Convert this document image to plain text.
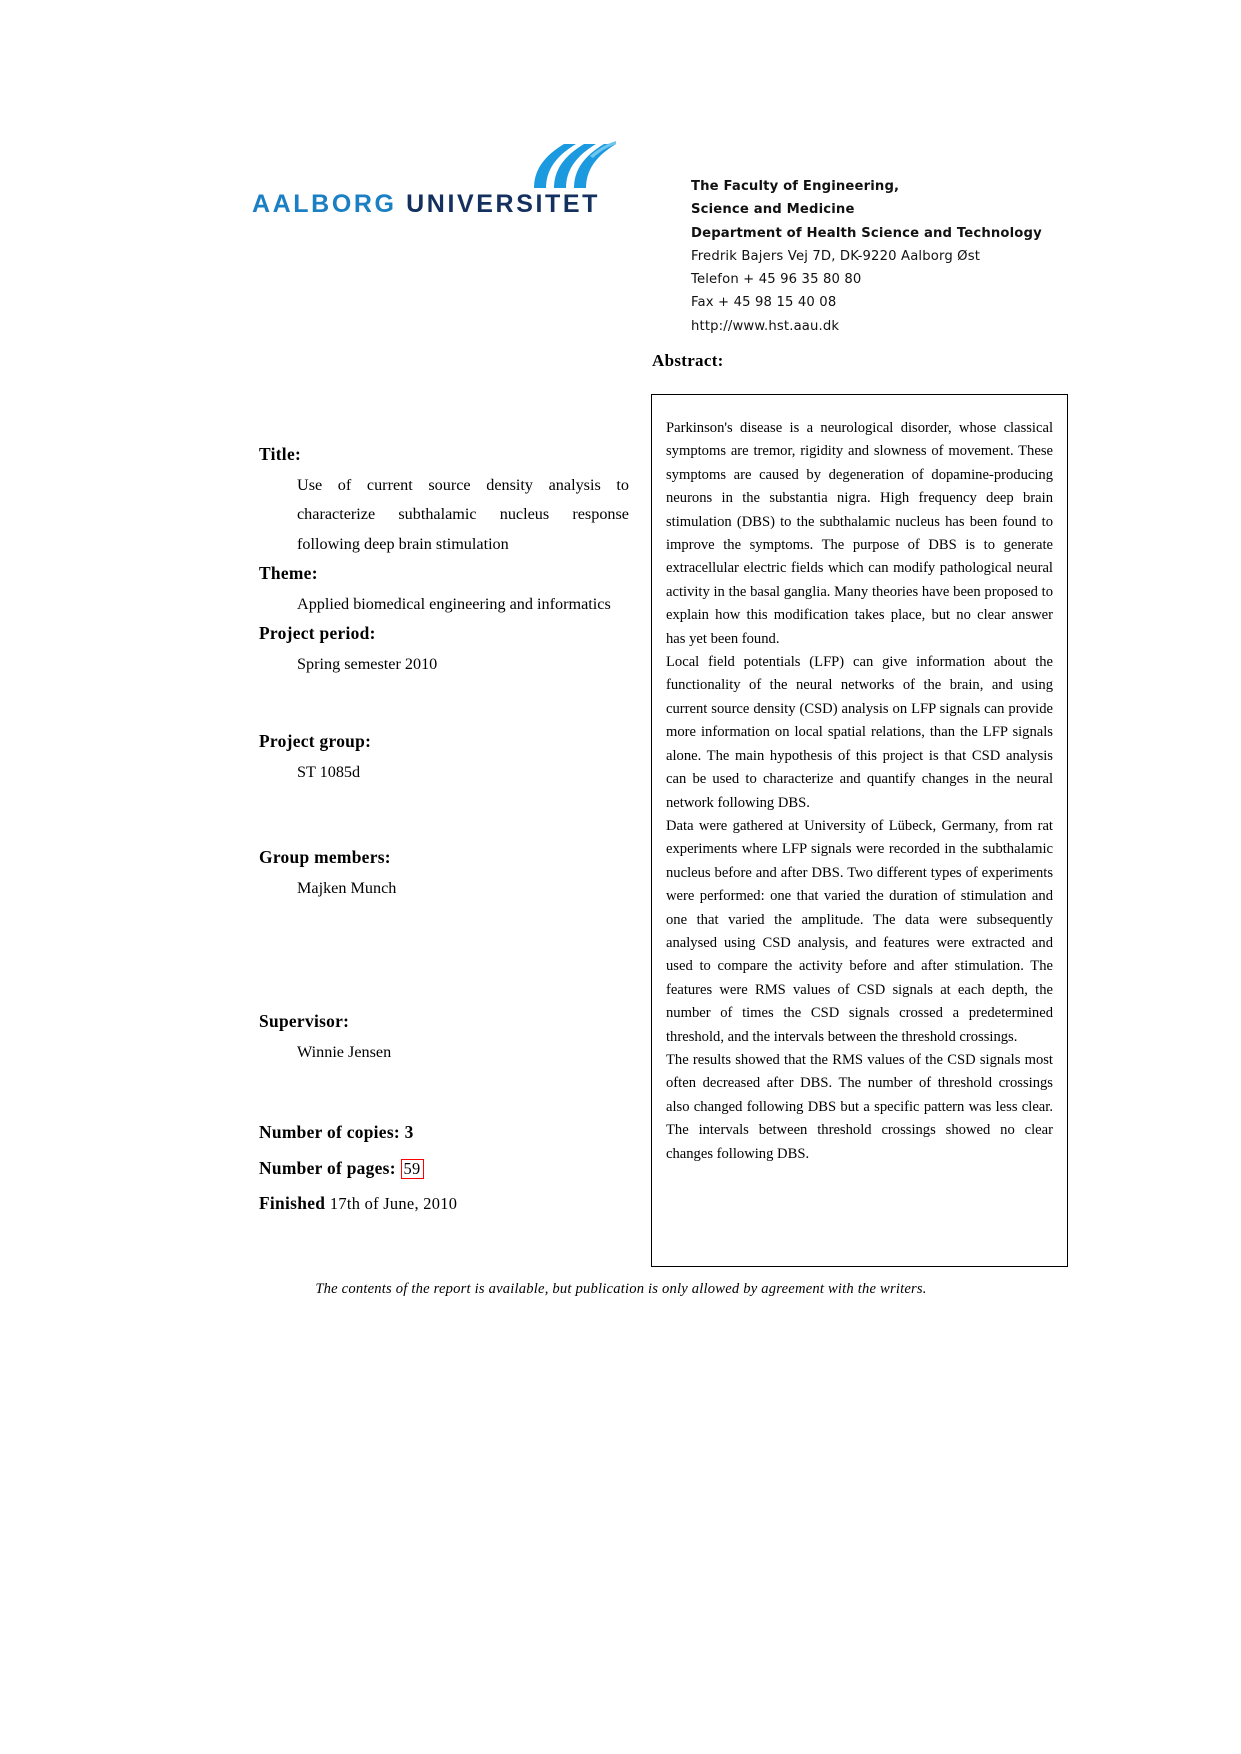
AALBORG UNIVERSITET
The Faculty of Engineering,
Science and Medicine
Department of Health Science and Technology
Fredrik Bajers Vej 7D, DK-9220 Aalborg Øst
Telefon + 45 96 35 80 80
Fax + 45 98 15 40 08
http://www.hst.aau.dk
Abstract:

Parkinson's disease is a neurological disorder, whose classical symptoms are tremor, rigidity and slowness of movement. These symptoms are caused by degeneration of dopamine-producing neurons in the substantia nigra. High frequency deep brain stimulation (DBS) to the subthalamic nucleus has been found to improve the symptoms. The purpose of DBS is to generate extracellular electric fields which can modify pathological neural activity in the basal ganglia. Many theories have been proposed to explain how this modification takes place, but no clear answer has yet been found.

Local field potentials (LFP) can give information about the functionality of the neural networks of the brain, and using current source density (CSD) analysis on LFP signals can provide more information on local spatial relations, than the LFP signals alone. The main hypothesis of this project is that CSD analysis can be used to characterize and quantify changes in the neural network following DBS.

Data were gathered at University of Lübeck, Germany, from rat experiments where LFP signals were recorded in the subthalamic nucleus before and after DBS. Two different types of experiments were performed: one that varied the duration of stimulation and one that varied the amplitude. The data were subsequently analysed using CSD analysis, and features were extracted and used to compare the activity before and after stimulation. The features were RMS values of CSD signals at each depth, the number of times the CSD signals crossed a predetermined threshold, and the intervals between the threshold crossings.

The results showed that the RMS values of the CSD signals most often decreased after DBS. The number of threshold crossings also changed following DBS but a specific pattern was less clear. The intervals between threshold crossings showed no clear changes following DBS.

Title:
Use of current source density analysis to characterize subthalamic nucleus response following deep brain stimulation
Theme:
Applied biomedical engineering and informatics
Project period:
Spring semester 2010
Project group:
ST 1085d
Group members:
Majken Munch
Supervisor:
Winnie Jensen
Number of copies: 3
Number of pages: 59
Finished 17th of June, 2010
The contents of the report is available, but publication is only allowed by agreement with the writers.
